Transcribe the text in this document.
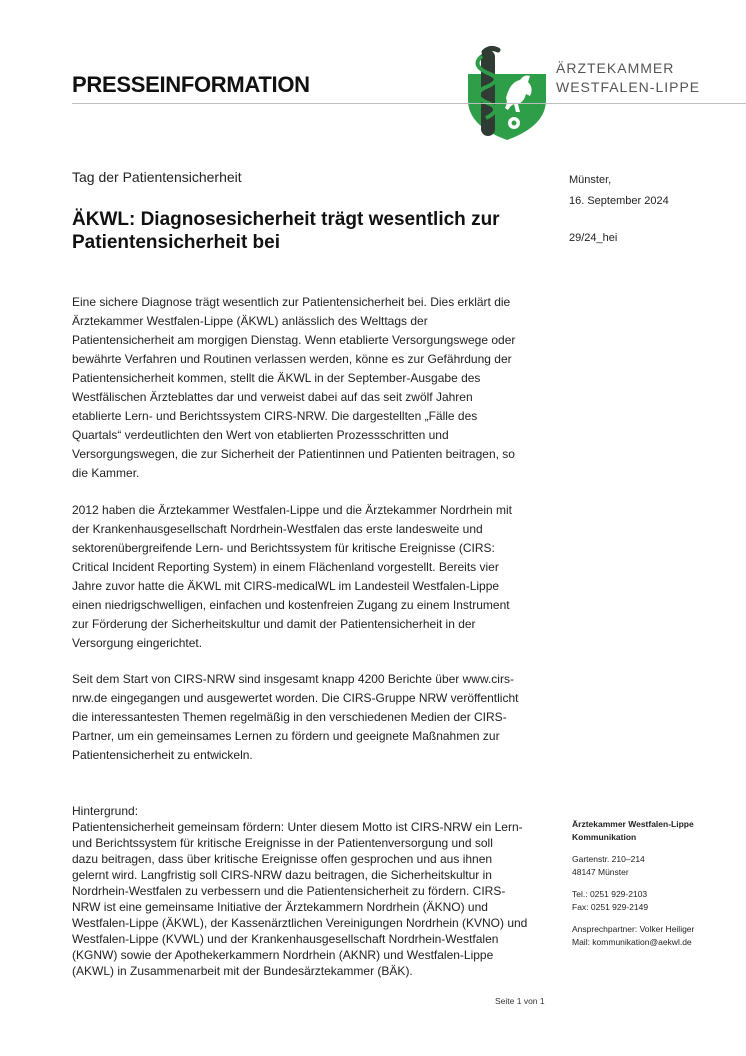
PRESSEINFORMATION
ÄRZTEKAMMER
WESTFALEN-LIPPE
Tag der Patientensicherheit
ÄKWL: Diagnosesicherheit trägt wesentlich zur
Patientensicherheit bei
Münster,
16. September 2024
29/24_hei

Eine sichere Diagnose trägt wesentlich zur Patientensicherheit bei. Dies erklärt die
Ärztekammer Westfalen-Lippe (ÄKWL) anlässlich des Welttags der
Patientensicherheit am morgigen Dienstag. Wenn etablierte Versorgungswege oder
bewährte Verfahren und Routinen verlassen werden, könne es zur Gefährdung der
Patientensicherheit kommen, stellt die ÄKWL in der September-Ausgabe des
Westfälischen Ärzteblattes dar und verweist dabei auf das seit zwölf Jahren
etablierte Lern- und Berichtssystem CIRS-NRW. Die dargestellten „Fälle des
Quartals“ verdeutlichten den Wert von etablierten Prozessschritten und
Versorgungswegen, die zur Sicherheit der Patientinnen und Patienten beitragen, so
die Kammer.

2012 haben die Ärztekammer Westfalen-Lippe und die Ärztekammer Nordrhein mit
der Krankenhausgesellschaft Nordrhein-Westfalen das erste landesweite und
sektorenübergreifende Lern- und Berichtssystem für kritische Ereignisse (CIRS:
Critical Incident Reporting System) in einem Flächenland vorgestellt. Bereits vier
Jahre zuvor hatte die ÄKWL mit CIRS-medicalWL im Landesteil Westfalen-Lippe
einen niedrigschwelligen, einfachen und kostenfreien Zugang zu einem Instrument
zur Förderung der Sicherheitskultur und damit der Patientensicherheit in der
Versorgung eingerichtet.

Seit dem Start von CIRS-NRW sind insgesamt knapp 4200 Berichte über www.cirs-
nrw.de eingegangen und ausgewertet worden. Die CIRS-Gruppe NRW veröffentlicht
die interessantesten Themen regelmäßig in den verschiedenen Medien der CIRS-
Partner, um ein gemeinsames Lernen zu fördern und geeignete Maßnahmen zur
Patientensicherheit zu entwickeln.

Hintergrund:
Patientensicherheit gemeinsam fördern: Unter diesem Motto ist CIRS-NRW ein Lern-
und Berichtssystem für kritische Ereignisse in der Patientenversorgung und soll
dazu beitragen, dass über kritische Ereignisse offen gesprochen und aus ihnen
gelernt wird. Langfristig soll CIRS-NRW dazu beitragen, die Sicherheitskultur in
Nordrhein-Westfalen zu verbessern und die Patientensicherheit zu fördern. CIRS-
NRW ist eine gemeinsame Initiative der Ärztekammern Nordrhein (ÄKNO) und
Westfalen-Lippe (ÄKWL), der Kassenärztlichen Vereinigungen Nordrhein (KVNO) und
Westfalen-Lippe (KVWL) und der Krankenhausgesellschaft Nordrhein-Westfalen
(KGNW) sowie der Apothekerkammern Nordrhein (AKNR) und Westfalen-Lippe
(AKWL) in Zusammenarbeit mit der Bundesärztekammer (BÄK).
Ärztekammer Westfalen-Lippe
Kommunikation
Gartenstr. 210–214
48147 Münster
Tel.: 0251 929-2103
Fax: 0251 929-2149
Ansprechpartner: Volker Heiliger
Mail: kommunikation@aekwl.de
Seite 1 von 1
